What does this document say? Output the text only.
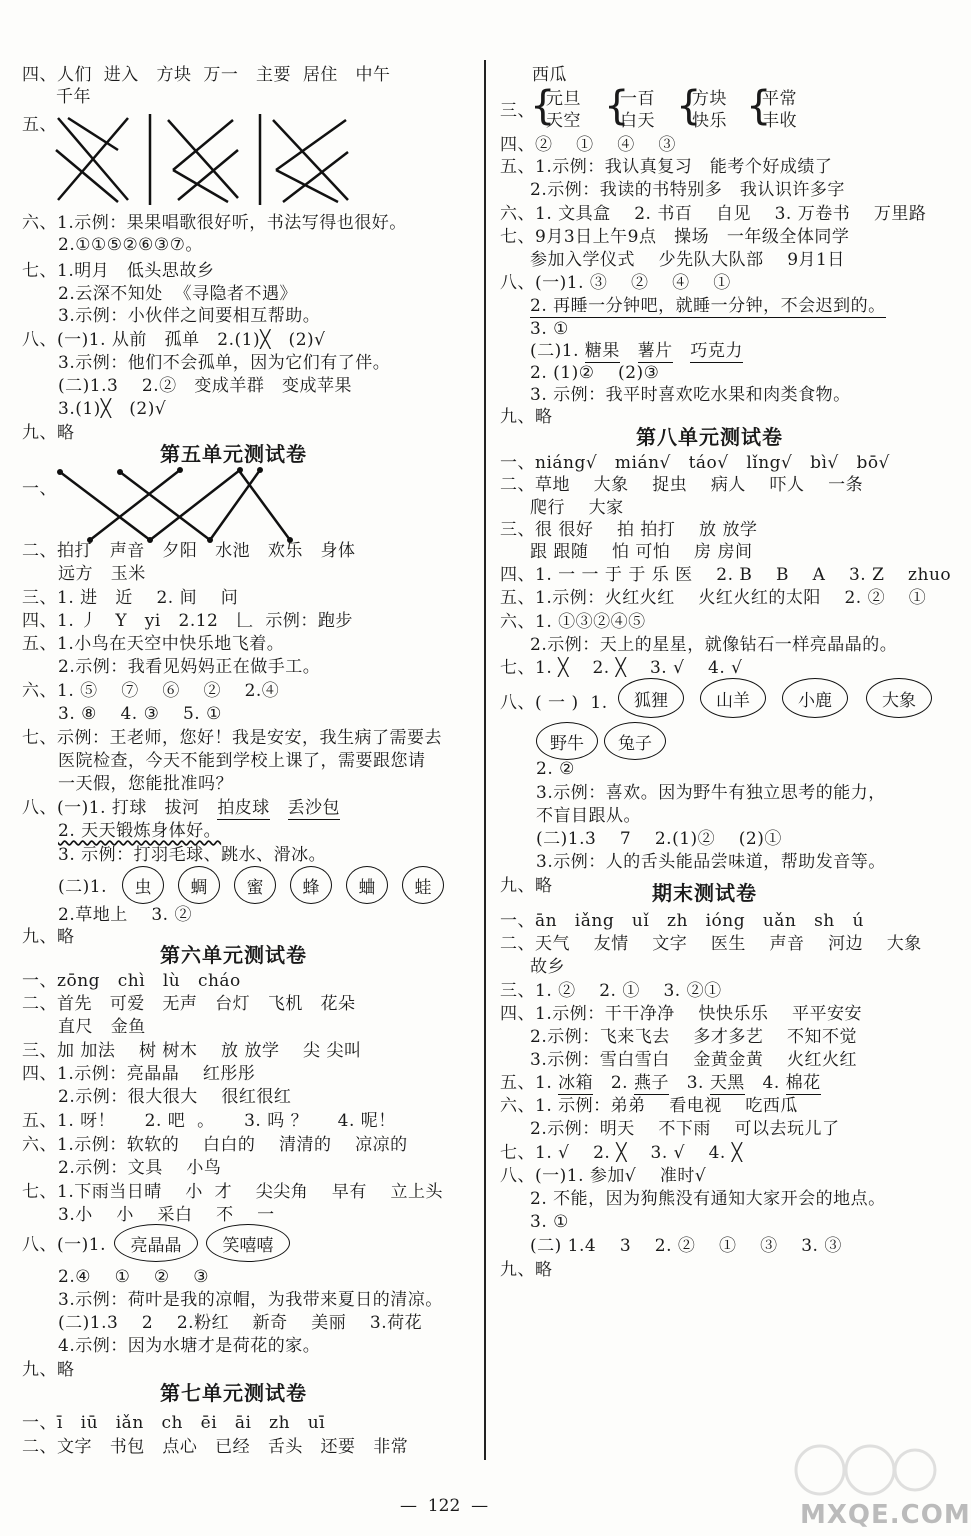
四、人们  进入   方块  万一   主要  居住   中午
千年
五、
六、1.示例：果果唱歌很好听，书法写得也很好。
2.①①⑤②⑥③⑦。
七、1.明月   低头思故乡
2.云深不知处  《寻隐者不遇》
3.示例：小伙伴之间要相互帮助。
八、(一)1. 从前   孤单   2.(1)╳   (2)√
3.示例：他们不会孤单，因为它们有了伴。
(二)1.3    2.②   变成羊群   变成苹果
3.(1)╳   (2)√
九、略
第五单元测试卷
一、
二、拍打   声音   夕阳   水池   欢乐   身体
远方   玉米
三、1. 进   近    2. 间    问
四、1. 丿   Y   yi   2.12   𠃊  示例：跑步
五、1.小鸟在天空中快乐地飞着。
2.示例：我看见妈妈正在做手工。
六、1. ⑤    ⑦    ⑥    ②    2.④
3. ⑧    4. ③    5. ①
七、示例：王老师，您好！我是安安，我生病了需要去
医院检查，今天不能到学校上课了，需要跟您请
一天假，您能批准吗？
八、(一)1. 打球   拔河   拍皮球 丢沙包
2. 天天锻炼身体好。
3. 示例：打羽毛球、跳水、滑冰。
(二)1.	虫	蜩	蜜	蜂	蛐	蛙
2.草地上    3. ②
九、略
第六单元测试卷
一、zōng   chì   lù   cháo
二、首先   可爱   无声   台灯   飞机   花朵
直尺   金鱼
三、加 加法    树 树木    放 放学    尖 尖叫
四、1.示例：亮晶晶    红彤彤
2.示例：很大很大    很红很红
五、1. 呀！     2. 吧  。     3. 吗 ？     4. 呢！
六、1.示例：软软的    白白的    清清的    凉凉的
2.示例：文具    小鸟
七、1.下雨当日晴    小  才    尖尖角    早有    立上头
3.小    小    采白    不    一
八、(一)1.	亮晶晶	笑嘻嘻
2.④    ①    ②    ③
3.示例：荷叶是我的凉帽，为我带来夏日的清凉。
(二)1.3    2    2.粉红    新奇    美丽    3.荷花
4.示例：因为水塘才是荷花的家。
九、略
第七单元测试卷
一、ī   iū   iǎn   ch   ēi   āi   zh   uī
二、文字   书包   点心   已经   舌头   还要   非常
西瓜
三、
{
元旦
天空 {
一百
白天 {
方块
快乐 {
平常
丰收
四、②    ①    ④    ③
五、1.示例：我认真复习   能考个好成绩了
2.示例：我读的书特别多   我认识许多字
六、1. 文具盒    2. 书百    自见    3. 万卷书    万里路
七、9月3日上午9点   操场   一年级全体同学
参加入学仪式    少先队大队部    9月1日
八、(一)1. ③    ②    ④    ①
2. 再睡一分钟吧，就睡一分钟，不会迟到的。
3. ①
(二)1. 糖果 薯片 巧克力
2. (1)②    (2)③
3. 示例：我平时喜欢吃水果和肉类食物。
九、略
第八单元测试卷
一、niáng√   mián√   táo√   lǐng√   bì√   bō√
二、草地    大象    捉虫    病人    吓人    一条
爬行    大家
三、很 很好    拍 拍打    放 放学
跟 跟随    怕 可怕    房 房间
四、1. 一 一 于 于 乐 医    2. B    B    A    3. Z    zhuo
五、1.示例：火红火红    火红火红的太阳    2. ②    ①
六、1. ①③②④⑤
2.示例：天上的星星，就像钻石一样亮晶晶的。
七、1. ╳    2. ╳    3. √    4. √
八、( 一 )  1.	狐狸	山羊	小鹿	大象
野牛	兔子
2. ②
3.示例：喜欢。因为野牛有独立思考的能力，
不盲目跟从。
(二)1.3    7    2.(1)②    (2)①
3.示例：人的舌头能品尝味道，帮助发音等。
九、略	期末测试卷
一、ān   iǎng   uǐ   zh   ióng   uǎn   sh   ú
二、天气    友情    文字    医生    声音    河边    大象
故乡
三、1. ②    2. ①    3. ②①
四、1.示例：干干净净    快快乐乐    平平安安
2.示例：飞来飞去    多才多艺    不知不觉
3.示例：雪白雪白    金黄金黄    火红火红
五、1. 冰箱 2. 燕子 3. 天黑 4. 棉花
六、1. 示例：弟弟    看电视    吃西瓜
2.示例：明天    不下雨    可以去玩儿了
七、1. √    2. ╳    3. √    4. ╳
八、(一)1. 参加√    准时√
2. 不能，因为狗熊没有通知大家开会的地点。
3. ①
(二) 1.4    3    2. ②    ①    ③    3. ③
九、略
—  122  —	MXQE.COM
